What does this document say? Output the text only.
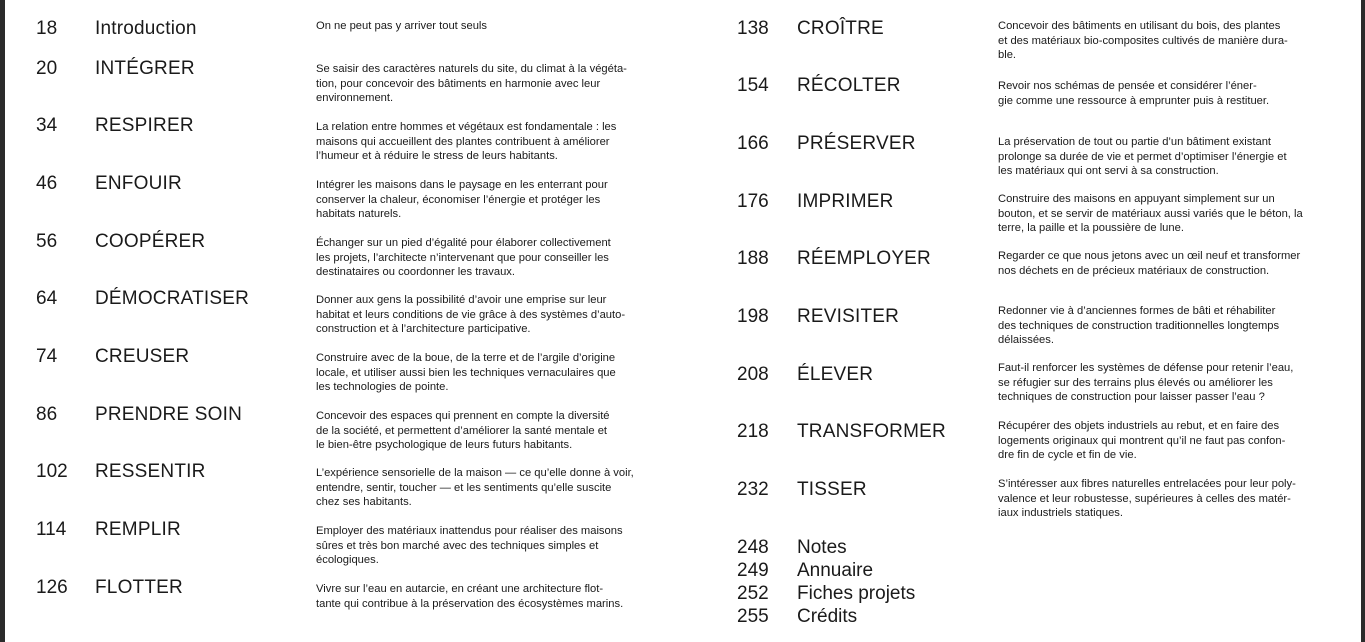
18 Introduction	On ne peut pas y arriver tout seuls
20 INTÉGRER	Se saisir des caractères naturels du site, du climat à la végéta-
tion, pour concevoir des bâtiments en harmonie avec leur
environnement.
34 RESPIRER	La relation entre hommes et végétaux est fondamentale : les
maisons qui accueillent des plantes contribuent à améliorer
l’humeur et à réduire le stress de leurs habitants.
46 ENFOUIR	Intégrer les maisons dans le paysage en les enterrant pour
conserver la chaleur, économiser l’énergie et protéger les
habitats naturels.
56 COOPÉRER	Échanger sur un pied d’égalité pour élaborer collectivement
les projets, l’architecte n’intervenant que pour conseiller les
destinataires ou coordonner les travaux.
64 DÉMOCRATISER	Donner aux gens la possibilité d’avoir une emprise sur leur
habitat et leurs conditions de vie grâce à des systèmes d’auto-
construction et à l’architecture participative.
74 CREUSER	Construire avec de la boue, de la terre et de l’argile d’origine
locale, et utiliser aussi bien les techniques vernaculaires que
les technologies de pointe.
86 PRENDRE SOIN	Concevoir des espaces qui prennent en compte la diversité
de la société, et permettent d’améliorer la santé mentale et
le bien-être psychologique de leurs futurs habitants.
102 RESSENTIR	L’expérience sensorielle de la maison — ce qu’elle donne à voir,
entendre, sentir, toucher — et les sentiments qu’elle suscite
chez ses habitants.
114 REMPLIR	Employer des matériaux inattendus pour réaliser des maisons
sûres et très bon marché avec des techniques simples et
écologiques.
126 FLOTTER	Vivre sur l’eau en autarcie, en créant une architecture flot-
tante qui contribue à la préservation des écosystèmes marins.
138 CROÎTRE	Concevoir des bâtiments en utilisant du bois, des plantes
et des matériaux bio-composites cultivés de manière dura-
ble.
154 RÉCOLTER	Revoir nos schémas de pensée et considérer l’éner-
gie comme une ressource à emprunter puis à restituer.
166 PRÉSERVER	La préservation de tout ou partie d’un bâtiment existant
prolonge sa durée de vie et permet d’optimiser l’énergie et
les matériaux qui ont servi à sa construction.
176 IMPRIMER	Construire des maisons en appuyant simplement sur un
bouton, et se servir de matériaux aussi variés que le béton, la
terre, la paille et la poussière de lune.
188 RÉEMPLOYER	Regarder ce que nous jetons avec un œil neuf et transformer
nos déchets en de précieux matériaux de construction.
198 REVISITER	Redonner vie à d’anciennes formes de bâti et réhabiliter
des techniques de construction traditionnelles longtemps
délaissées.
208 ÉLEVER	Faut-il renforcer les systèmes de défense pour retenir l’eau,
se réfugier sur des terrains plus élevés ou améliorer les
techniques de construction pour laisser passer l’eau ?
218 TRANSFORMER	Récupérer des objets industriels au rebut, et en faire des
logements originaux qui montrent qu’il ne faut pas confon-
dre fin de cycle et fin de vie.
232 TISSER	S’intéresser aux fibres naturelles entrelacées pour leur poly-
valence et leur robustesse, supérieures à celles des matér-
iaux industriels statiques.
248 Notes
249 Annuaire
252 Fiches projets
255 Crédits
